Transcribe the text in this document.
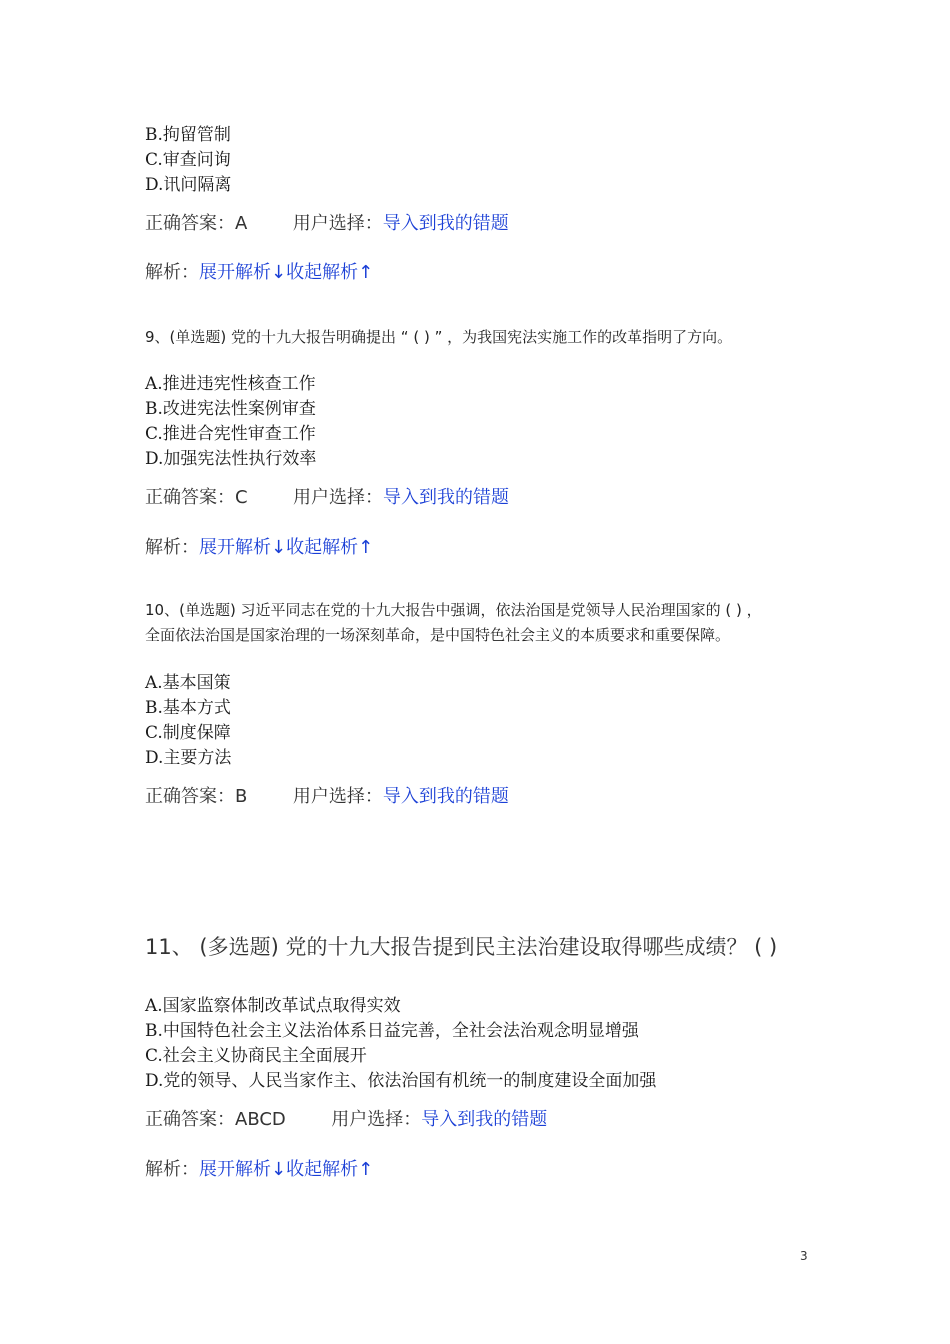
B.拘留管制
C.审查问询
D.讯问隔离
正确答案：A	用户选择：导入到我的错题
解析：展开解析↓收起解析↑
9、(单选题) 党的十九大报告明确提出 “ ( ) ” ，为我国宪法实施工作的改革指明了方向。
A.推进违宪性核查工作
B.改进宪法性案例审查
C.推进合宪性审查工作
D.加强宪法性执行效率
正确答案：C	用户选择：导入到我的错题
解析：展开解析↓收起解析↑
10、(单选题) 习近平同志在党的十九大报告中强调，依法治国是党领导人民治理国家的 ( ) ，
全面依法治国是国家治理的一场深刻革命，是中国特色社会主义的本质要求和重要保障。
A.基本国策
B.基本方式
C.制度保障
D.主要方法
正确答案：B	用户选择：导入到我的错题
11、 (多选题) 党的十九大报告提到民主法治建设取得哪些成绩？ ( )
A.国家监察体制改革试点取得实效
B.中国特色社会主义法治体系日益完善，全社会法治观念明显增强
C.社会主义协商民主全面展开
D.党的领导、人民当家作主、依法治国有机统一的制度建设全面加强
正确答案：ABCD	用户选择：导入到我的错题
解析：展开解析↓收起解析↑
3
